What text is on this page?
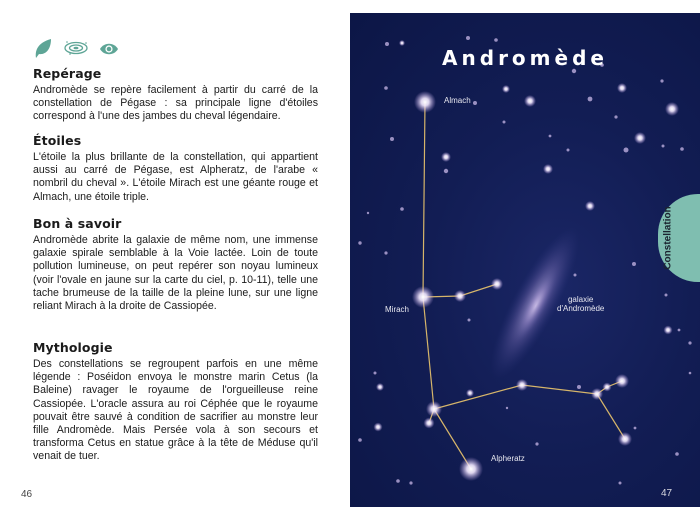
Repérage

Andromède se repère facilement à partir du carré de la constellation de Pégase : sa principale ligne d'étoiles correspond à l'une des jambes du cheval légendaire.

Étoiles

L'étoile la plus brillante de la constellation, qui appartient aussi au carré de Pégase, est Alpheratz, de l'arabe « nombril du cheval ». L'étoile Mirach est une géante rouge et Almach, une étoile triple.

Bon à savoir

Andromède abrite la galaxie de même nom, une immense galaxie spirale semblable à la Voie lactée. Loin de toute pollution lumineuse, on peut repérer son noyau lumineux (voir l'ovale en jaune sur la carte du ciel, p. 10-11), telle une tache brumeuse de la taille de la pleine lune, sur une ligne reliant Mirach à la droite de Cassiopée.

Mythologie

Des constellations se regroupent parfois en une même légende : Poséidon envoya le monstre marin Cetus (la Baleine) ravager le royaume de l'orgueilleuse reine Cassiopée. L'oracle assura au roi Céphée que le royaume pouvait être sauvé à condition de sacrifier au monstre leur fille Andromède. Mais Persée vola à son secours et transforma Cetus en statue grâce à la tête de Méduse qu'il venait de tuer.

46
Andromède
Almach
Mirach
Alpheratz
galaxie
d'Andromède
Constellation
47
